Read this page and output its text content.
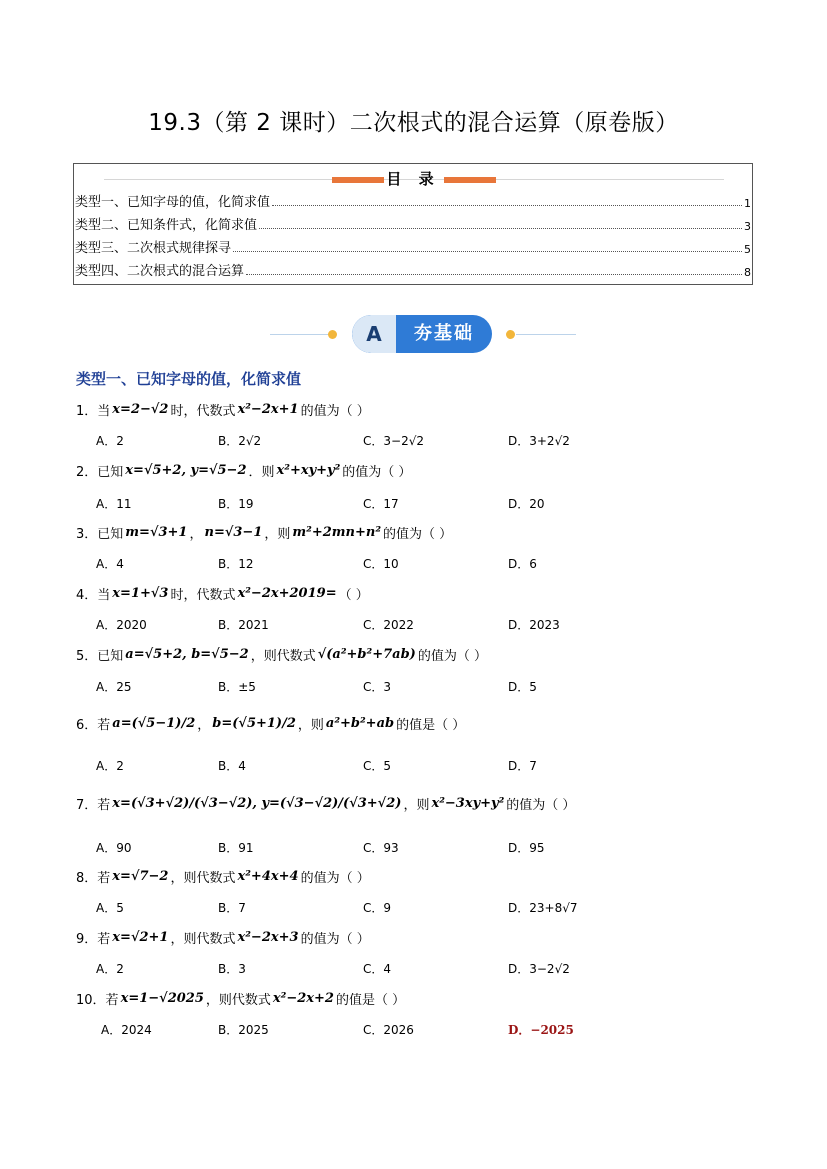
19.3（第 2 课时）二次根式的混合运算（原卷版）
目 录
类型一、已知字母的值，化简求值	1
类型二、已知条件式，化简求值	3
类型三、二次根式规律探寻	5
类型四、二次根式的混合运算	8
A	夯基础
类型一、已知字母的值，化简求值
1． 当 x=2−√2 时，代数式 x²−2x+1 的值为（ ）
A．2	B．2√2	C．3−2√2	D．3+2√2
2． 已知 x=√5+2, y=√5−2 ．则 x²+xy+y² 的值为（ ）
A．11	B．19	C．17	D．20
3． 已知 m=√3+1 ， n=√3−1 ，则 m²+2mn+n² 的值为（ ）
A．4	B．12	C．10	D．6
4． 当 x=1+√3 时，代数式 x²−2x+2019= （ ）
A．2020	B．2021	C．2022	D．2023
5． 已知 a=√5+2, b=√5−2 ，则代数式 √(a²+b²+7ab) 的值为（ ）
A．25	B．±5	C．3	D．5
6． 若 a=(√5−1)/2 ， b=(√5+1)/2 ，则 a²+b²+ab 的值是（ ）
A．2	B．4	C．5	D．7
7． 若 x=(√3+√2)/(√3−√2), y=(√3−√2)/(√3+√2) ，则 x²−3xy+y² 的值为（ ）
A．90	B．91	C．93	D．95
8． 若 x=√7−2 ，则代数式 x²+4x+4 的值为（ ）
A．5	B．7	C．9	D．23+8√7
9． 若 x=√2+1 ，则代数式 x²−2x+3 的值为（ ）
A．2	B．3	C．4	D．3−2√2
10． 若 x=1−√2025 ，则代数式 x²−2x+2 的值是（ ）
A．2024	B．2025	C．2026	D．−2025
